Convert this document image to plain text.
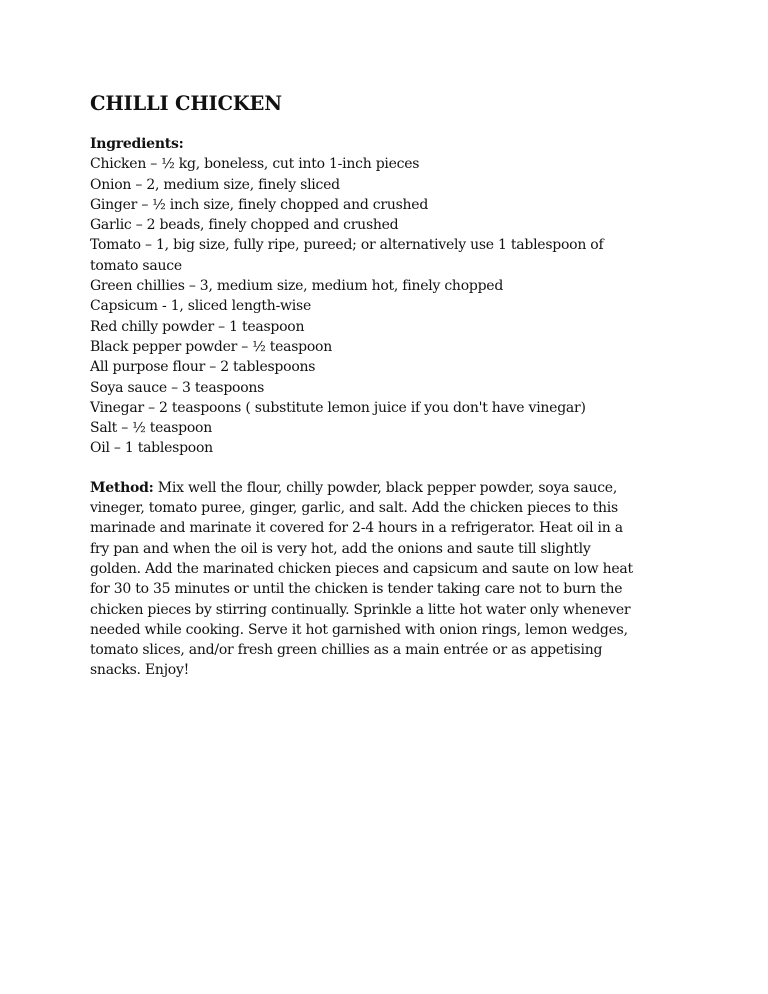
CHILLI CHICKEN

Ingredients:

Chicken – ½ kg, boneless, cut into 1-inch pieces

Onion – 2, medium size, finely sliced

Ginger – ½ inch size, finely chopped and crushed

Garlic – 2 beads, finely chopped and crushed

Tomato – 1, big size, fully ripe, pureed; or alternatively use 1 tablespoon of

tomato sauce

Green chillies – 3, medium size, medium hot, finely chopped

Capsicum - 1, sliced length-wise

Red chilly powder – 1 teaspoon

Black pepper powder – ½ teaspoon

All purpose flour – 2 tablespoons

Soya sauce – 3 teaspoons

Vinegar – 2 teaspoons ( substitute lemon juice if you don't have vinegar)

Salt – ½ teaspoon

Oil – 1 tablespoon

Method: Mix well the flour, chilly powder, black pepper powder, soya sauce,

vineger, tomato puree, ginger, garlic, and salt. Add the chicken pieces to this

marinade and marinate it covered for 2-4 hours in a refrigerator. Heat oil in a

fry pan and when the oil is very hot, add the onions and saute till slightly

golden. Add the marinated chicken pieces and capsicum and saute on low heat

for 30 to 35 minutes or until the chicken is tender taking care not to burn the

chicken pieces by stirring continually. Sprinkle a litte hot water only whenever

needed while cooking. Serve it hot garnished with onion rings, lemon wedges,

tomato slices, and/or fresh green chillies as a main entrée or as appetising

snacks. Enjoy!
